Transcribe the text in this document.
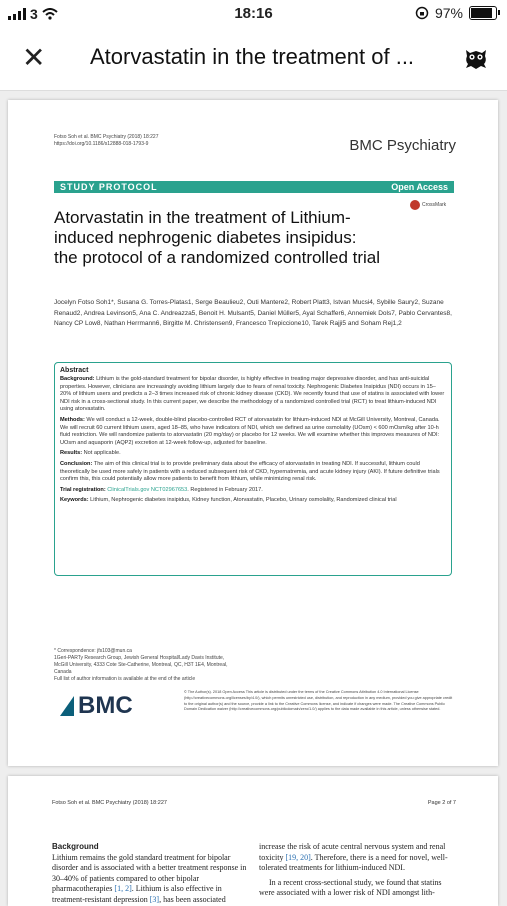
3	18:16	97%
✕ Atorvastatin in the treatment of ...
Fotso Soh et al. BMC Psychiatry (2018) 18:227
https://doi.org/10.1186/s12888-018-1793-9	BMC Psychiatry
STUDY PROTOCOL	Open Access
Atorvastatin in the treatment of Lithium-induced nephrogenic diabetes insipidus: the protocol of a randomized controlled trial
CrossMark
Jocelyn Fotso Soh1*, Susana G. Torres-Platas1, Serge Beaulieu2, Outi Mantere2, Robert Platt3, Istvan Mucsi4, Sybille Saury2, Suzane Renaud2, Andrea Levinson5, Ana C. Andreazza5, Benoit H. Mulsant5, Daniel Müller5, Ayal Schaffer6, Annemiek Dols7, Pablo Cervantes8, Nancy CP Low8, Nathan Herrmann6, Birgitte M. Christensen9, Francesco Trepiccione10, Tarek Rajji5 and Soham Rej1,2
Abstract

Background: Lithium is the gold-standard treatment for bipolar disorder, is highly effective in treating major depressive disorder, and has anti-suicidal properties. However, clinicians are increasingly avoiding lithium largely due to fears of renal toxicity. Nephrogenic Diabetes Insipidus (NDI) occurs in 15–20% of lithium users and predicts a 2–3 times increased risk of chronic kidney disease (CKD). We recently found that use of statins is associated with lower NDI risk in a cross-sectional study. In this current paper, we describe the methodology of a randomized controlled trial (RCT) to treat lithium-induced NDI using atorvastatin.

Methods: We will conduct a 12-week, double-blind placebo-controlled RCT of atorvastatin for lithium-induced NDI at McGill University, Montreal, Canada. We will recruit 60 current lithium users, aged 18–85, who have indicators of NDI, which we defined as urine osmolality (UOsm) < 600 mOsm/kg after 10-h fluid restriction. We will randomize patients to atorvastatin (20 mg/day) or placebo for 12 weeks. We will examine whether this improves measures of NDI: UOsm and aquaporin (AQP2) excretion at 12-week follow-up, adjusted for baseline.

Results: Not applicable.

Conclusion: The aim of this clinical trial is to provide preliminary data about the efficacy of atorvastatin in treating NDI. If successful, lithium could theoretically be used more safely in patients with a reduced subsequent risk of CKD, hypernatremia, and acute kidney injury (AKI). If future definitive trials confirm this, this could potentially allow more patients to benefit from lithium, while minimizing renal risk.

Trial registration: ClinicalTrials.gov NCT02967653. Registered in February 2017.

Keywords: Lithium, Nephrogenic diabetes insipidus, Kidney function, Atorvastatin, Placebo, Urinary osmolality, Randomized clinical trial

* Correspondence: jfs103@mun.ca
1Geri-PARTy Research Group, Jewish General Hospital/Lady Davis Institute, McGill University, 4333 Cote Ste-Catherine, Montreal, QC, H3T 1E4, Montreal, Canada
Full list of author information is available at the end of the article
BMC	© The Author(s). 2018 Open Access This article is distributed under the terms of the Creative Commons Attribution 4.0 International License (http://creativecommons.org/licenses/by/4.0/), which permits unrestricted use, distribution, and reproduction in any medium, provided you give appropriate credit to the original author(s) and the source, provide a link to the Creative Commons license, and indicate if changes were made. The Creative Commons Public Domain Dedication waiver (http://creativecommons.org/publicdomain/zero/1.0/) applies to the data made available in this article, unless otherwise stated.
Fotso Soh et al. BMC Psychiatry (2018) 18:227	Page 2 of 7
Background
Lithium remains the gold standard treatment for bipolar disorder and is associated with a better treatment response in 30–40% of patients compared to other bipolar pharmacotherapies [1, 2]. Lithium is also effective in treatment-resistant depression [3], has been associated
increase the risk of acute central nervous system and renal toxicity [19, 20]. Therefore, there is a need for novel, well-tolerated treatments for lithium-induced NDI.
In a recent cross-sectional study, we found that statins were associated with a lower risk of NDI amongst lith-
